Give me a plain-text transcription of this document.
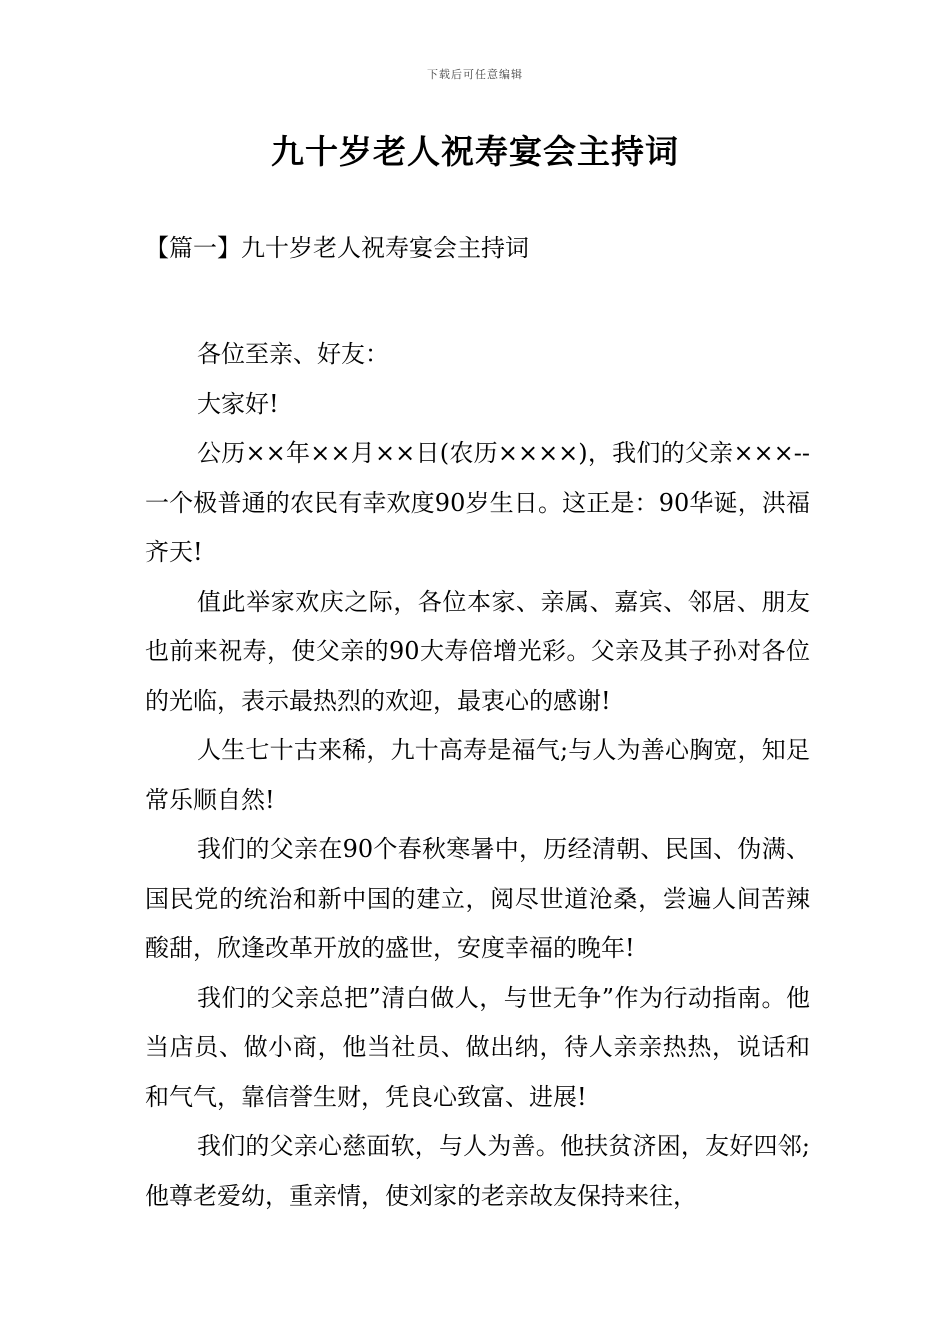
下载后可任意编辑
九十岁老人祝寿宴会主持词
【篇一】九十岁老人祝寿宴会主持词

各位至亲、好友：

大家好!

公历××年××月××日(农历××××)，我们的父亲×××--一个极普通的农民有幸欢度90岁生日。这正是：90华诞，洪福齐天!

值此举家欢庆之际，各位本家、亲属、嘉宾、邻居、朋友也前来祝寿，使父亲的90大寿倍增光彩。父亲及其子孙对各位的光临，表示最热烈的欢迎，最衷心的感谢!

人生七十古来稀，九十高寿是福气;与人为善心胸宽，知足常乐顺自然!

我们的父亲在90个春秋寒暑中，历经清朝、民国、伪满、国民党的统治和新中国的建立，阅尽世道沧桑，尝遍人间苦辣酸甜，欣逢改革开放的盛世，安度幸福的晚年!

我们的父亲总把”清白做人，与世无争”作为行动指南。他当店员、做小商，他当社员、做出纳，待人亲亲热热，说话和和气气，靠信誉生财，凭良心致富、进展!

我们的父亲心慈面软，与人为善。他扶贫济困，友好四邻;他尊老爱幼，重亲情，使刘家的老亲故友保持来往，
